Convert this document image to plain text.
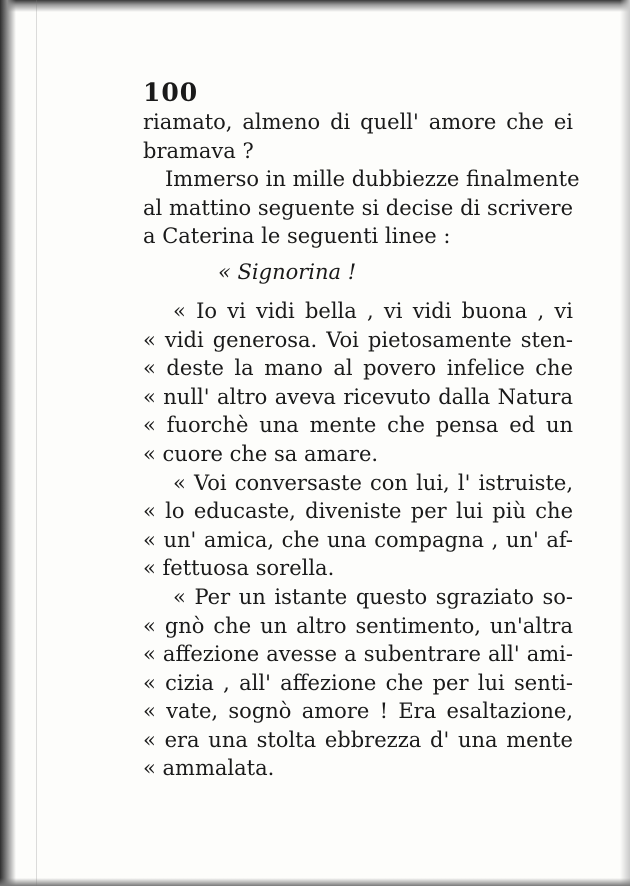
100
riamato, almeno di quell' amore che ei
bramava ?
Immerso in mille dubbiezze finalmente
al mattino seguente si decise di scrivere
a Caterina le seguenti linee :
« Signorina !
« Io vi vidi bella , vi vidi buona , vi
« vidi generosa. Voi pietosamente sten-
« deste la mano al povero infelice che
« null' altro aveva ricevuto dalla Natura
« fuorchè una mente che pensa ed un
« cuore che sa amare.
« Voi conversaste con lui, l' istruiste,
« lo educaste, diveniste per lui più che
« un' amica, che una compagna , un' af-
« fettuosa sorella.
« Per un istante questo sgraziato so-
« gnò che un altro sentimento, un'altra
« affezione avesse a subentrare all' ami-
« cizia , all' affezione che per lui senti-
« vate, sognò amore ! Era esaltazione,
« era una stolta ebbrezza d' una mente
« ammalata.
